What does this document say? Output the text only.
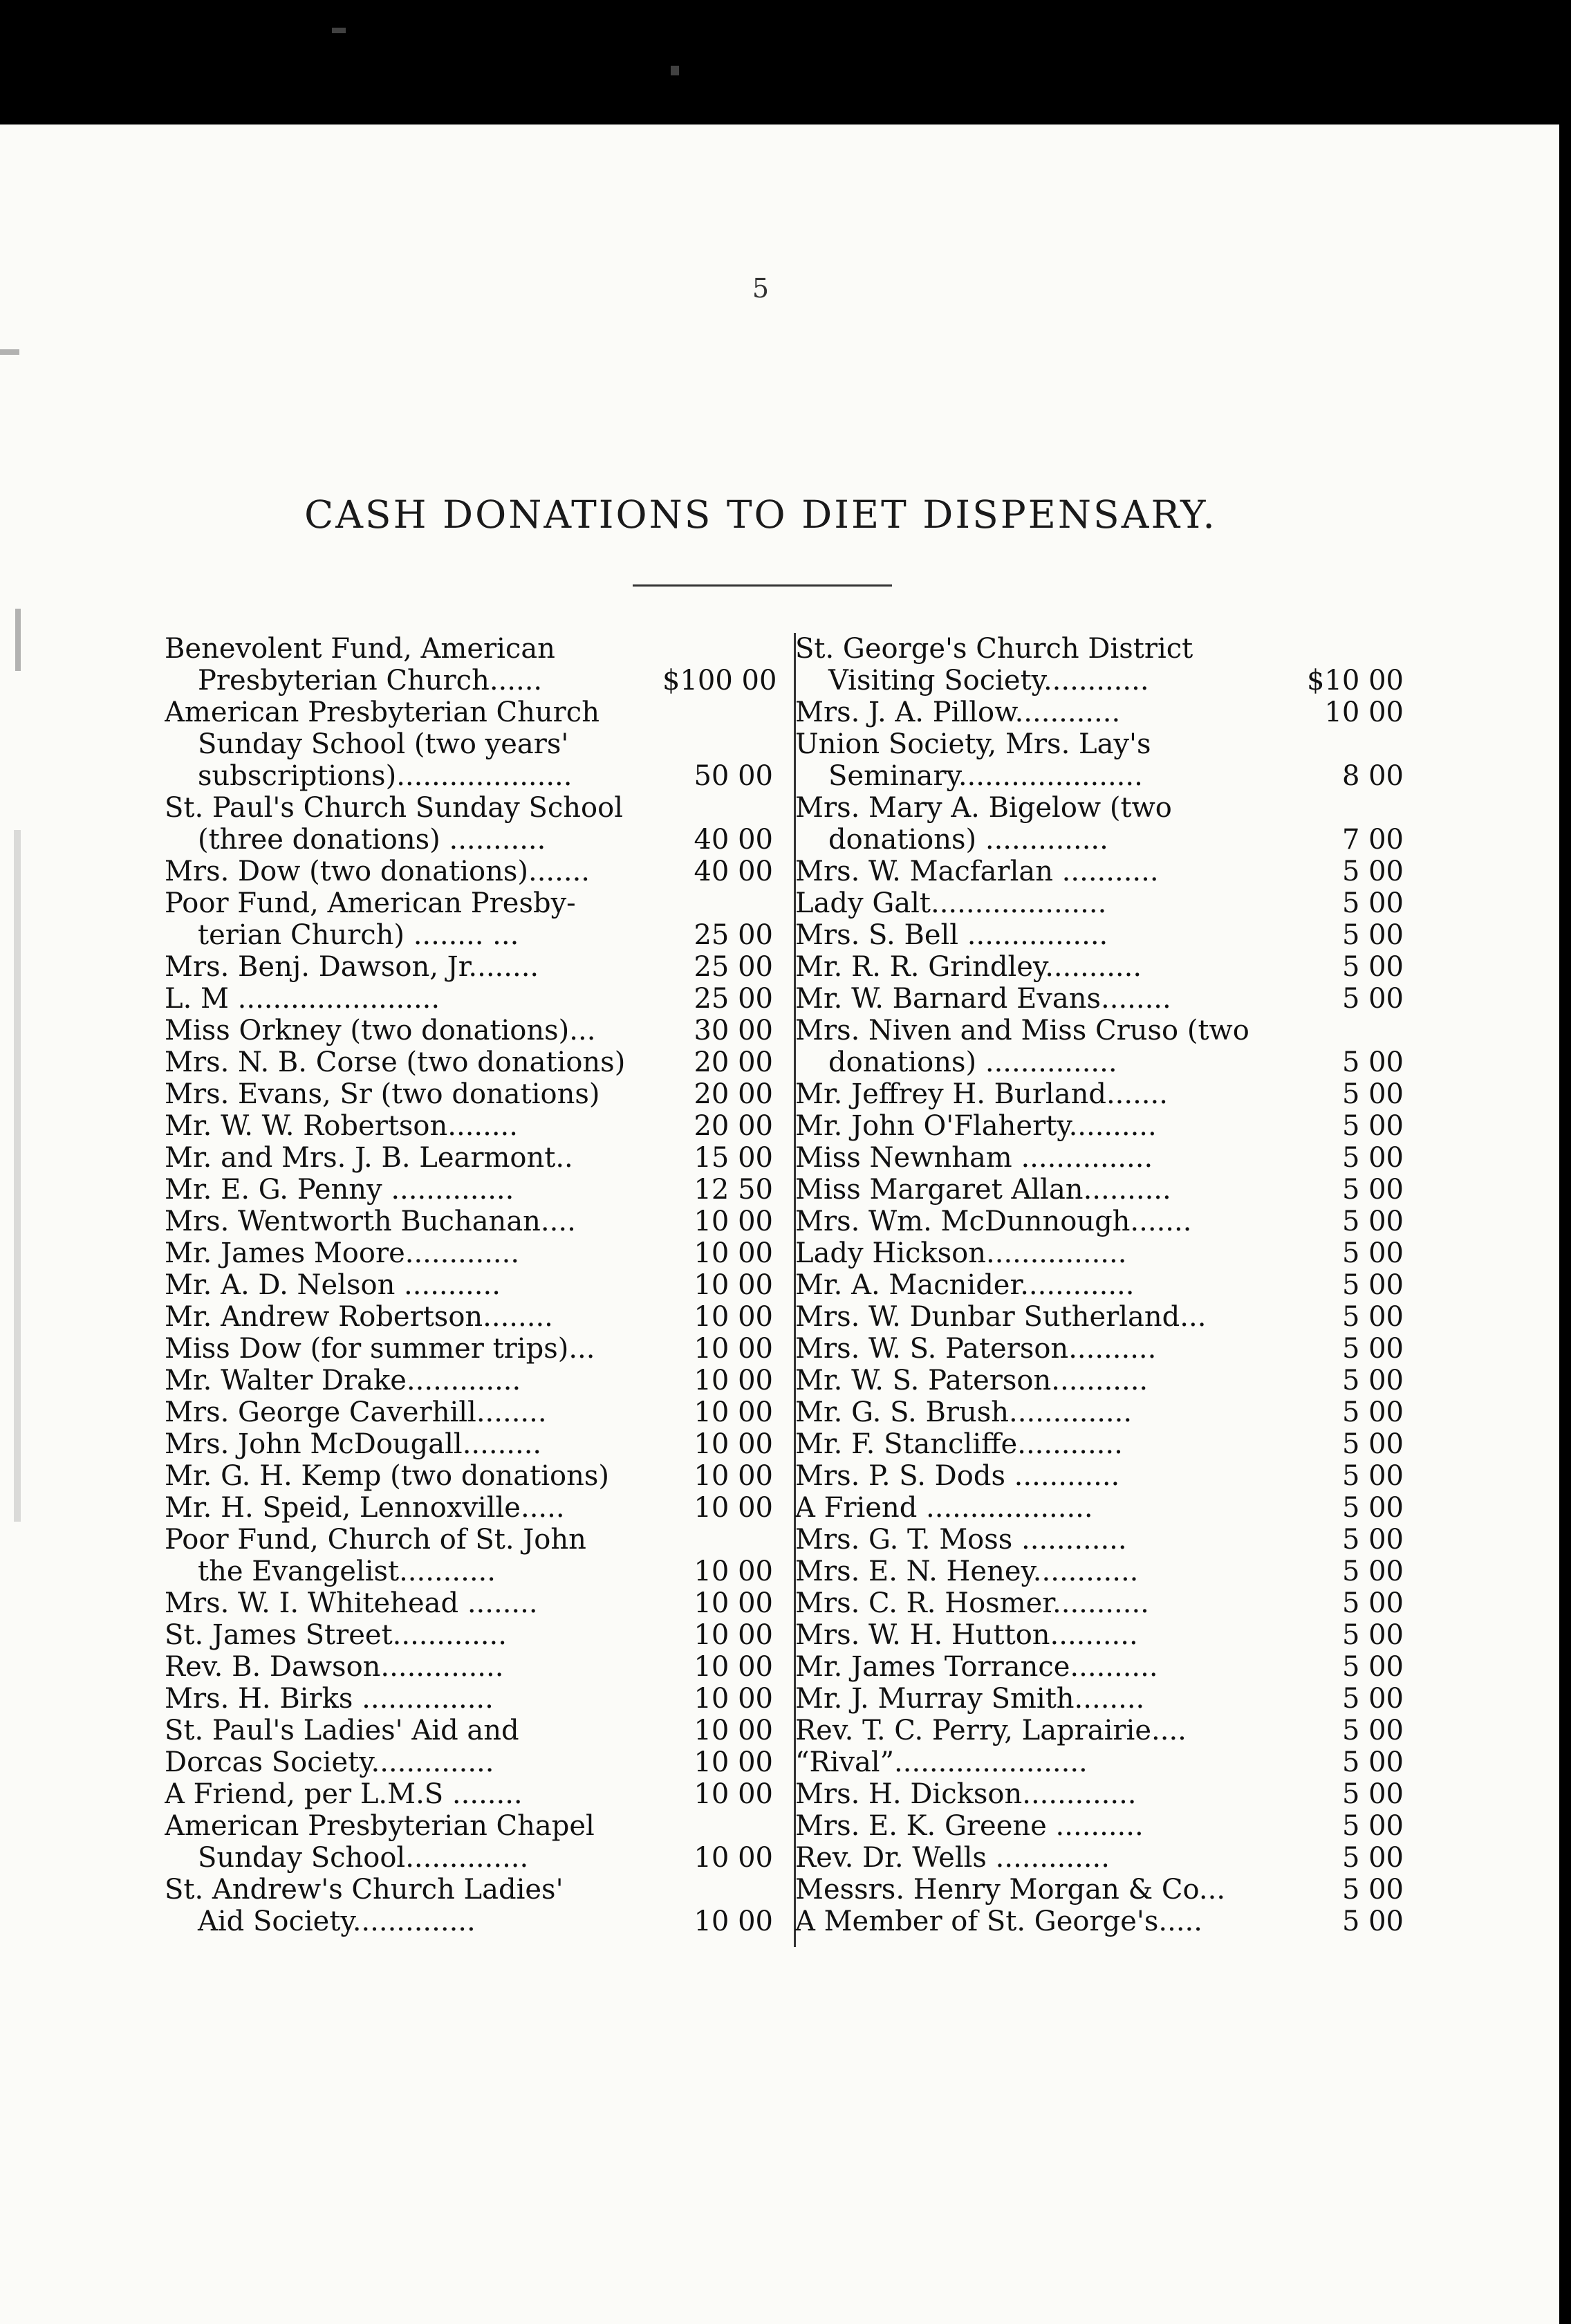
5
CASH DONATIONS TO DIET DISPENSARY.
Benevolent Fund, American
Presbyterian Church......	$100 00
American Presbyterian Church
Sunday School (two years'
subscriptions)....................	50 00
St. Paul's Church Sunday School
(three donations) ...........	40 00
Mrs. Dow (two donations).......	40 00
Poor Fund, American Presby-
terian Church) ........ ...	25 00
Mrs. Benj. Dawson, Jr........	25 00
L. M .......................	25 00
Miss Orkney (two donations)...	30 00
Mrs. N. B. Corse (two donations)	20 00
Mrs. Evans, Sr (two donations)	20 00
Mr. W. W. Robertson........	20 00
Mr. and Mrs. J. B. Learmont..	15 00
Mr. E. G. Penny ..............	12 50
Mrs. Wentworth Buchanan....	10 00
Mr. James Moore.............	10 00
Mr. A. D. Nelson ...........	10 00
Mr. Andrew Robertson........	10 00
Miss Dow (for summer trips)...	10 00
Mr. Walter Drake.............	10 00
Mrs. George Caverhill........	10 00
Mrs. John McDougall.........	10 00
Mr. G. H. Kemp (two donations)	10 00
Mr. H. Speid, Lennoxville.....	10 00
Poor Fund, Church of St. John
the Evangelist...........	10 00
Mrs. W. I. Whitehead ........	10 00
St. James Street.............	10 00
Rev. B. Dawson..............	10 00
Mrs. H. Birks ...............	10 00
St. Paul's Ladies' Aid and	10 00
Dorcas Society..............	10 00
A Friend, per L.M.S ........	10 00
American Presbyterian Chapel
Sunday School..............	10 00
St. Andrew's Church Ladies'
Aid Society..............	10 00
St. George's Church District
Visiting Society............	$10 00
Mrs. J. A. Pillow............	10 00
Union Society, Mrs. Lay's
Seminary.....................	8 00
Mrs. Mary A. Bigelow (two
donations) ..............	7 00
Mrs. W. Macfarlan ...........	5 00
Lady Galt....................	5 00
Mrs. S. Bell ................	5 00
Mr. R. R. Grindley...........	5 00
Mr. W. Barnard Evans........	5 00
Mrs. Niven and Miss Cruso (two
donations) ...............	5 00
Mr. Jeffrey H. Burland.......	5 00
Mr. John O'Flaherty..........	5 00
Miss Newnham ...............	5 00
Miss Margaret Allan..........	5 00
Mrs. Wm. McDunnough.......	5 00
Lady Hickson................	5 00
Mr. A. Macnider.............	5 00
Mrs. W. Dunbar Sutherland...	5 00
Mrs. W. S. Paterson..........	5 00
Mr. W. S. Paterson...........	5 00
Mr. G. S. Brush..............	5 00
Mr. F. Stancliffe............	5 00
Mrs. P. S. Dods ............	5 00
A Friend ...................	5 00
Mrs. G. T. Moss ............	5 00
Mrs. E. N. Heney............	5 00
Mrs. C. R. Hosmer...........	5 00
Mrs. W. H. Hutton..........	5 00
Mr. James Torrance..........	5 00
Mr. J. Murray Smith........	5 00
Rev. T. C. Perry, Laprairie....	5 00
“Rival”......................	5 00
Mrs. H. Dickson.............	5 00
Mrs. E. K. Greene ..........	5 00
Rev. Dr. Wells .............	5 00
Messrs. Henry Morgan & Co...	5 00
A Member of St. George's.....	5 00
